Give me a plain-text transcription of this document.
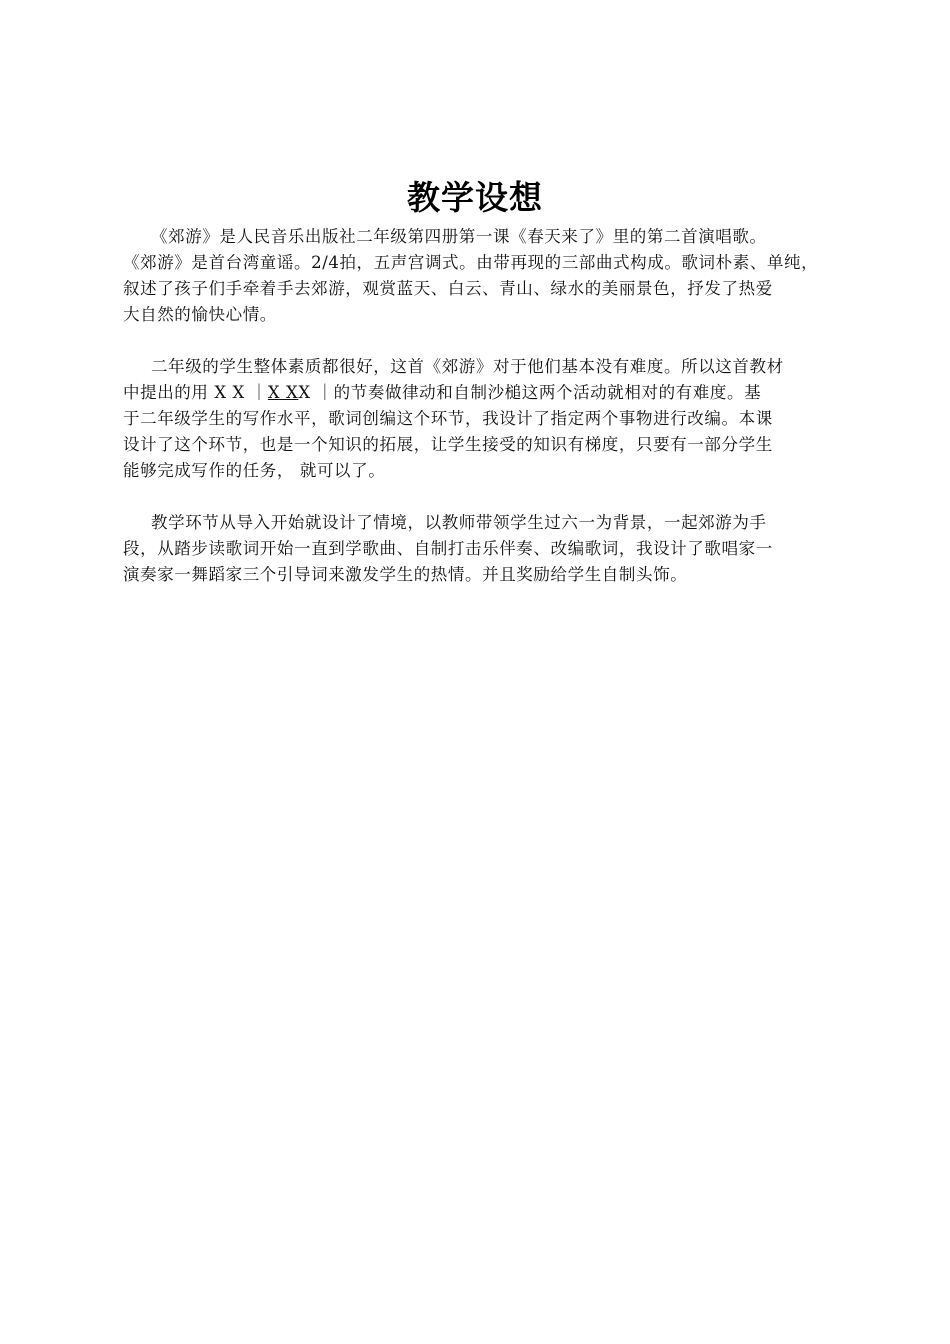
教学设想

《郊游》是人民音乐出版社二年级第四册第一课《春天来了》里的第二首演唱歌。
《郊游》是首台湾童谣。2/4拍，五声宫调式。由带再现的三部曲式构成。歌词朴素、单纯，
叙述了孩子们手牵着手去郊游，观赏蓝天、白云、青山、绿水的美丽景色，抒发了热爱
大自然的愉快心情。

二年级的学生整体素质都很好，这首《郊游》对于他们基本没有难度。所以这首教材
中提出的用 X X ｜X XX ｜的节奏做律动和自制沙槌这两个活动就相对的有难度。基
于二年级学生的写作水平，歌词创编这个环节，我设计了指定两个事物进行改编。本课
设计了这个环节，也是一个知识的拓展，让学生接受的知识有梯度，只要有一部分学生
能够完成写作的任务， 就可以了。

教学环节从导入开始就设计了情境，以教师带领学生过六一为背景，一起郊游为手
段，从踏步读歌词开始一直到学歌曲、自制打击乐伴奏、改编歌词，我设计了歌唱家一
演奏家一舞蹈家三个引导词来激发学生的热情。并且奖励给学生自制头饰。
